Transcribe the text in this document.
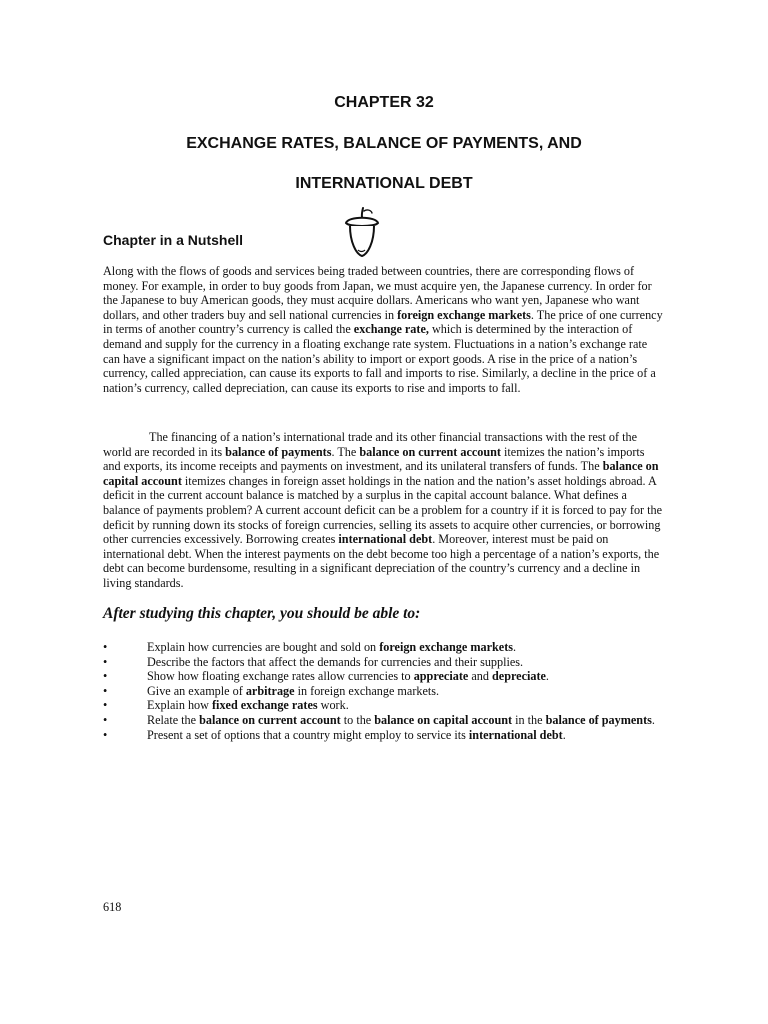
CHAPTER 32
EXCHANGE RATES, BALANCE OF PAYMENTS, AND
INTERNATIONAL DEBT
Chapter in a Nutshell

Along with the flows of goods and services being traded between countries, there are corresponding flows of money. For example, in order to buy goods from Japan, we must acquire yen, the Japanese currency. In order for the Japanese to buy American goods, they must acquire dollars. Americans who want yen, Japanese who want dollars, and other traders buy and sell national currencies in foreign exchange markets. The price of one currency in terms of another country’s currency is called the exchange rate, which is determined by the interaction of demand and supply for the currency in a floating exchange rate system. Fluctuations in a nation’s exchange rate can have a significant impact on the nation’s ability to import or export goods. A rise in the price of a nation’s currency, called appreciation, can cause its exports to fall and imports to rise. Similarly, a decline in the price of a nation’s currency, called depreciation, can cause its exports to rise and imports to fall.

The financing of a nation’s international trade and its other financial transactions with the rest of the world are recorded in its balance of payments. The balance on current account itemizes the nation’s imports and exports, its income receipts and payments on investment, and its unilateral transfers of funds. The balance on capital account itemizes changes in foreign asset holdings in the nation and the nation’s asset holdings abroad. A deficit in the current account balance is matched by a surplus in the capital account balance. What defines a balance of payments problem? A current account deficit can be a problem for a country if it is forced to pay for the deficit by running down its stocks of foreign currencies, selling its assets to acquire other currencies, or borrowing other currencies excessively. Borrowing creates international debt. Moreover, interest must be paid on international debt. When the interest payments on the debt become too high a percentage of a nation’s exports, the debt can become burdensome, resulting in a significant depreciation of the country’s currency and a decline in living standards.

After studying this chapter, you should be able to:
•	Explain how currencies are bought and sold on foreign exchange markets.
•	Describe the factors that affect the demands for currencies and their supplies.
•	Show how floating exchange rates allow currencies to appreciate and depreciate.
•	Give an example of arbitrage in foreign exchange markets.
•	Explain how fixed exchange rates work.
•	Relate the balance on current account to the balance on capital account in the balance of payments.
•	Present a set of options that a country might employ to service its international debt.

618
